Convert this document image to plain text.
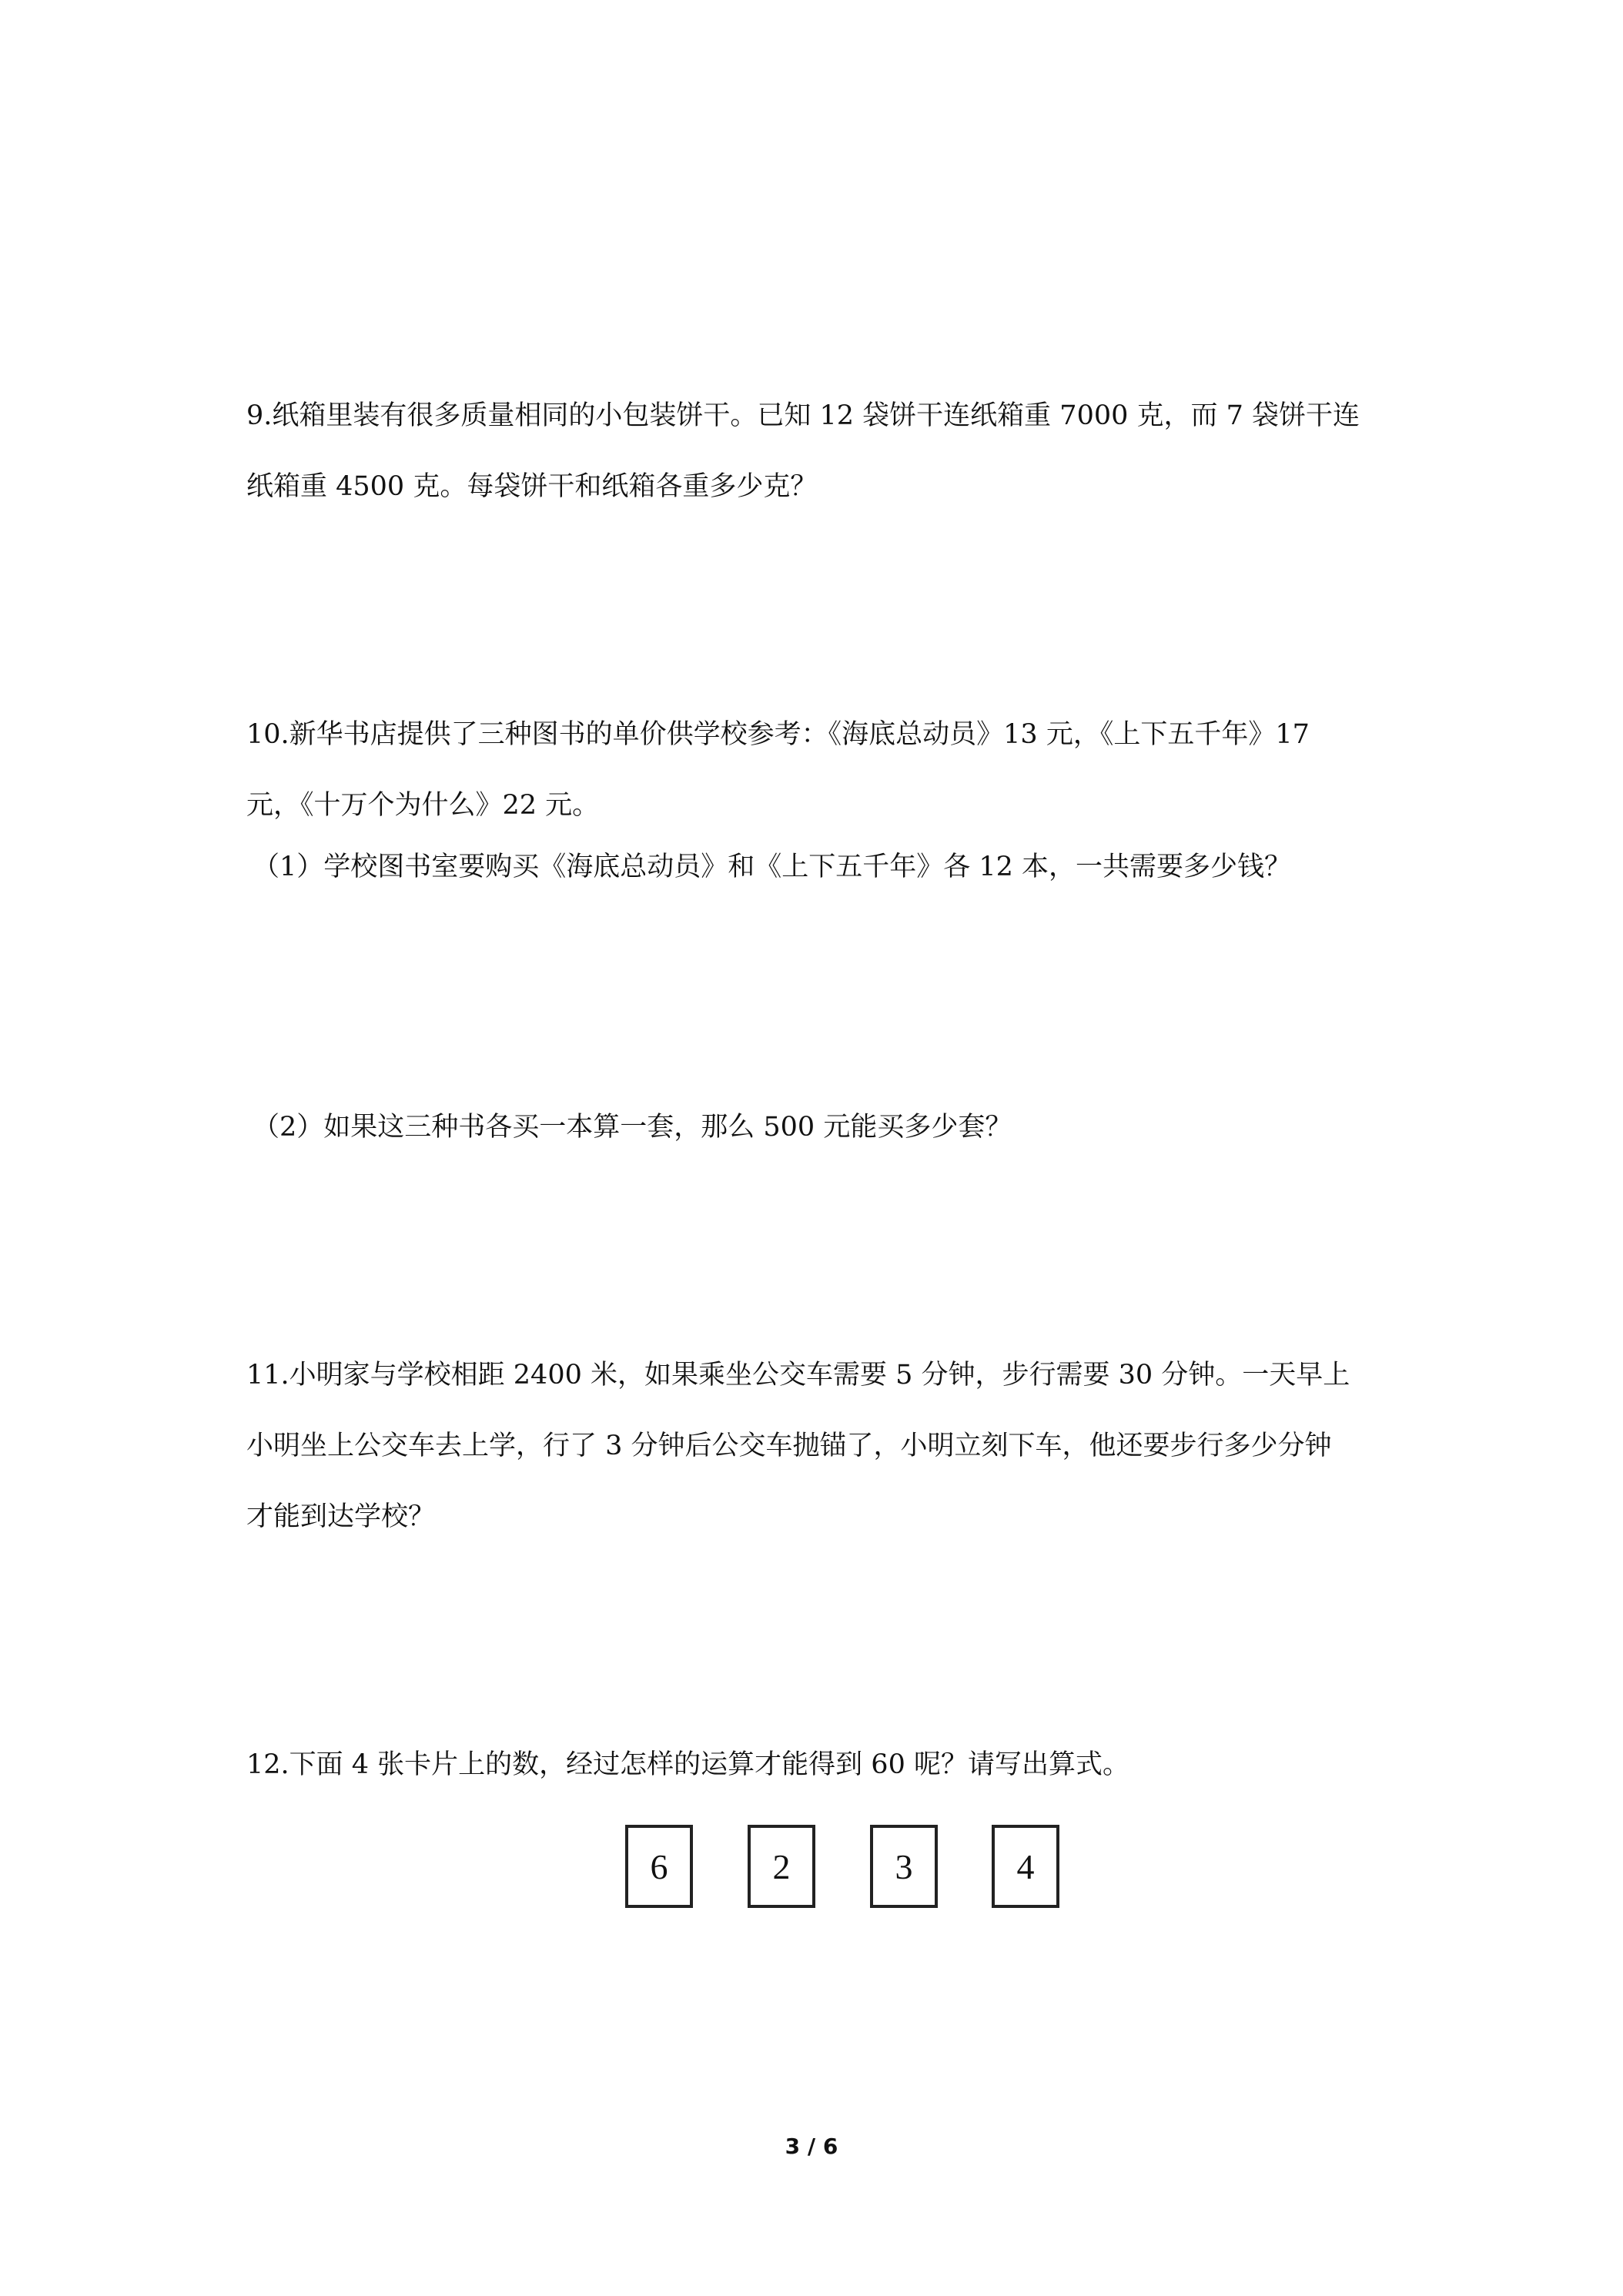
9.纸箱里装有很多质量相同的小包装饼干。已知 12 袋饼干连纸箱重 7000 克，而 7 袋饼干连

纸箱重 4500 克。每袋饼干和纸箱各重多少克？

10.新华书店提供了三种图书的单价供学校参考：《海底总动员》13 元，《上下五千年》17

元，《十万个为什么》22 元。

（1）学校图书室要购买《海底总动员》和《上下五千年》各 12 本，一共需要多少钱？

（2）如果这三种书各买一本算一套，那么 500 元能买多少套？

11.小明家与学校相距 2400 米，如果乘坐公交车需要 5 分钟，步行需要 30 分钟。一天早上

小明坐上公交车去上学，行了 3 分钟后公交车抛锚了，小明立刻下车，他还要步行多少分钟

才能到达学校？

12.下面 4 张卡片上的数，经过怎样的运算才能得到 60 呢？请写出算式。

6	2	3	4
3 / 6
